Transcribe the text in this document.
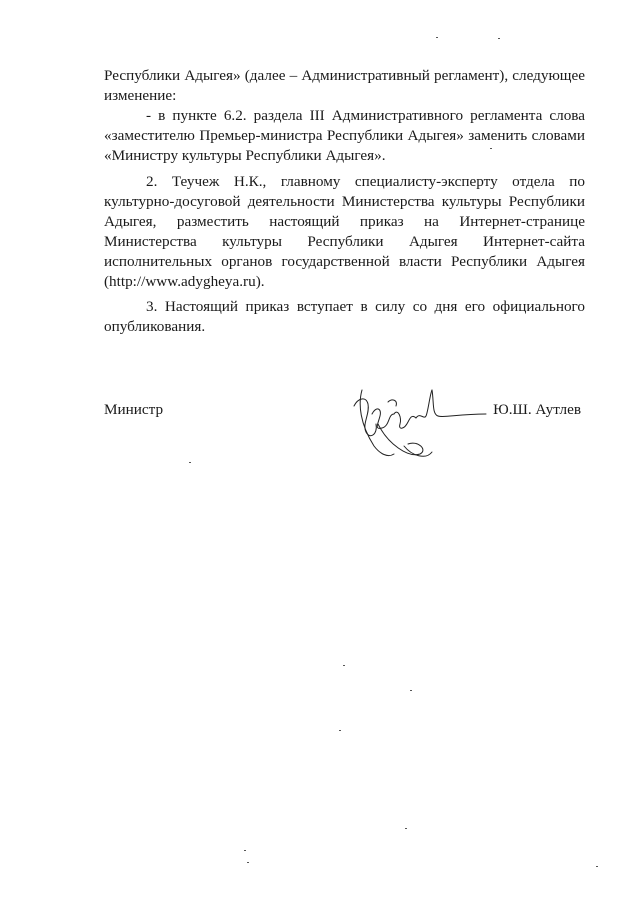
Республики Адыгея» (далее – Административный регламент), следующее

изменение:

- в пункте 6.2. раздела III Административного регламента слова

«заместителю Премьер-министра Республики Адыгея» заменить словами

«Министру культуры Республики Адыгея».

2. Теучеж Н.К., главному специалисту-эксперту отдела по

культурно-досуговой деятельности Министерства культуры Республики

Адыгея, разместить настоящий приказ на Интернет-странице

Министерства культуры Республики Адыгея Интернет-сайта

исполнительных органов государственной власти Республики Адыгея

(http://www.adygheya.ru).

3. Настоящий приказ вступает в силу со дня его официального

опубликования.

Министр	Ю.Ш. Аутлев
